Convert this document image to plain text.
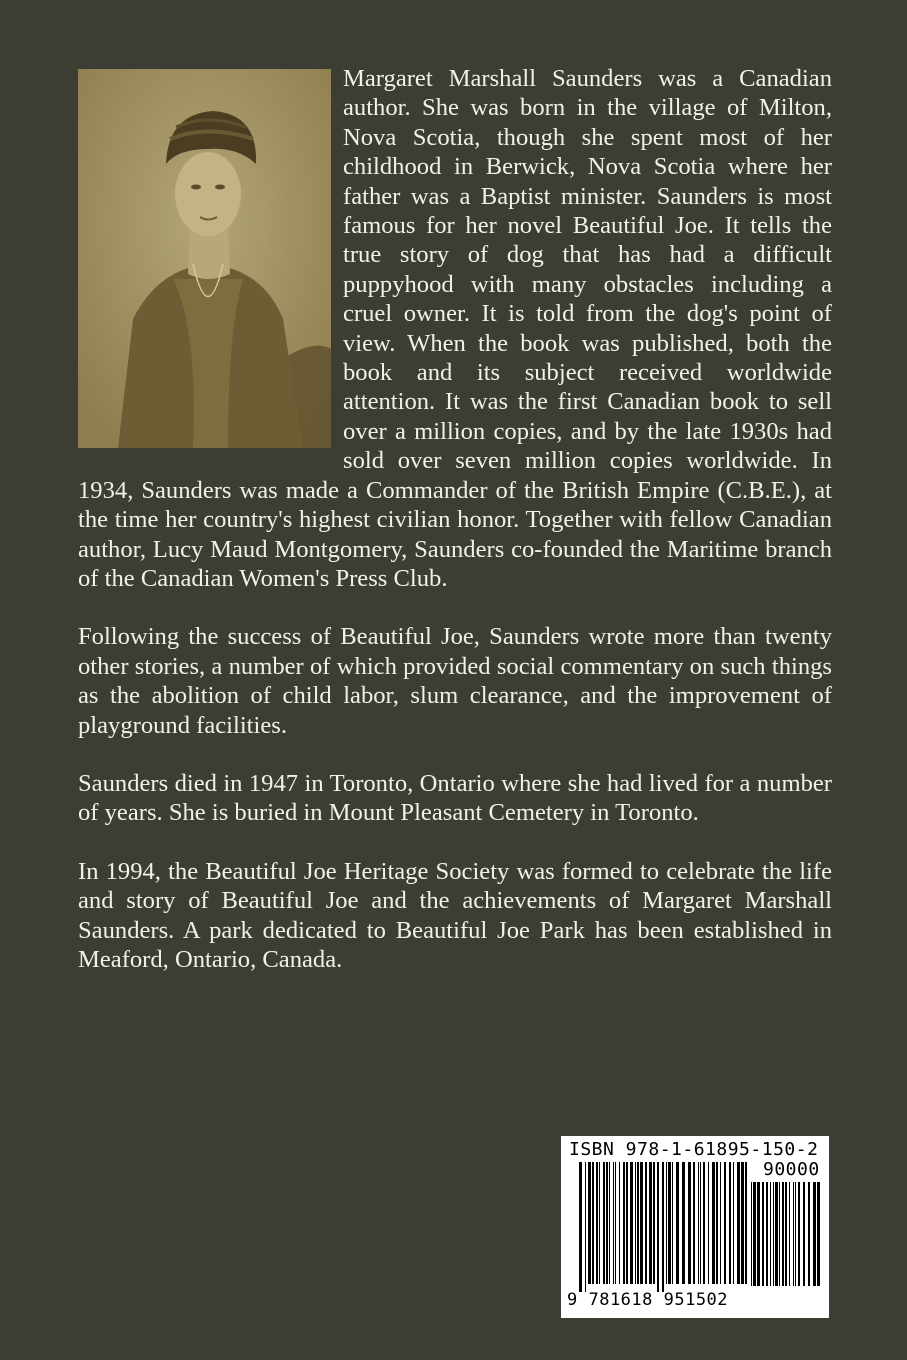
Margaret Marshall Saunders was a Canadian author. She was born in the village of Milton, Nova Scotia, though she spent most of her childhood in Berwick, Nova Scotia where her father was a Baptist minister. Saunders is most famous for her novel Beautiful Joe. It tells the true story of dog that has had a difficult puppyhood with many obstacles including a cruel owner. It is told from the dog's point of view. When the book was published, both the book and its subject received worldwide attention. It was the first Canadian book to sell over a million copies, and by the late 1930s had sold over seven million copies worldwide. In 1934, Saunders was made a Commander of the British Empire (C.B.E.), at the time her country's highest civilian honor. Together with fellow Canadian author, Lucy Maud Montgomery, Saunders co-founded the Maritime branch of the Canadian Women's Press Club.

Following the success of Beautiful Joe, Saunders wrote more than twenty other stories, a number of which provided social commentary on such things as the abolition of child labor, slum clearance, and the improvement of playground facilities.

Saunders died in 1947 in Toronto, Ontario where she had lived for a number of years. She is buried in Mount Pleasant Cemetery in Toronto.

In 1994, the Beautiful Joe Heritage Society was formed to celebrate the life and story of Beautiful Joe and the achievements of Margaret Marshall Saunders. A park dedicated to Beautiful Joe Park has been established in Meaford, Ontario, Canada.

ISBN 978-1-61895-150-2
90000
9 781618 951502
